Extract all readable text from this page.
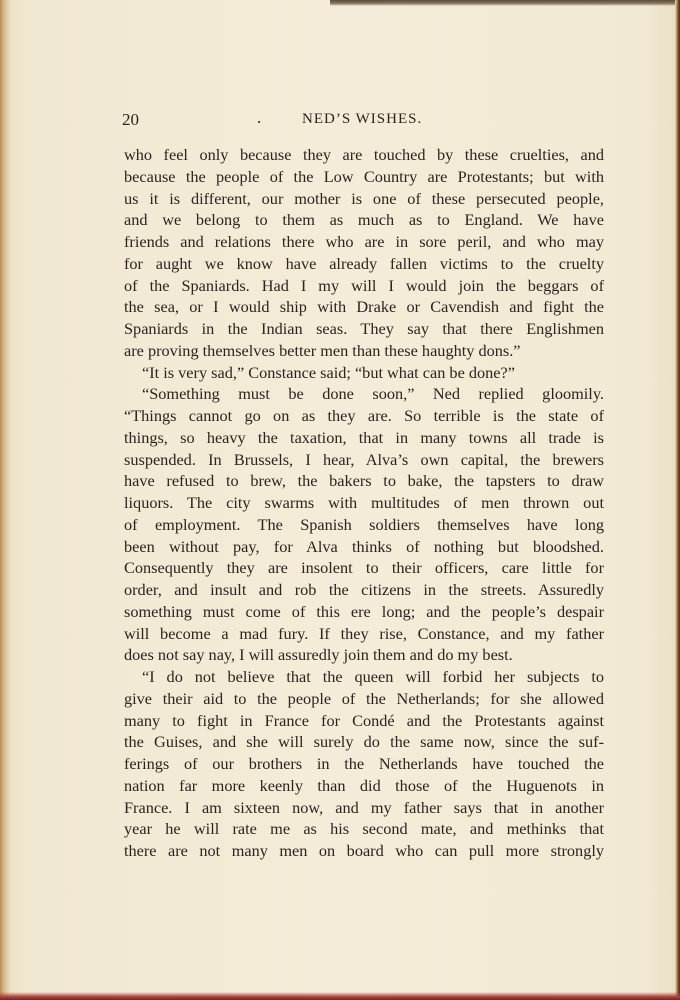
20	.	NED’S WISHES.
who feel only because they are touched by these cruelties, and
because the people of the Low Country are Protestants; but with
us it is different, our mother is one of these persecuted people,
and we belong to them as much as to England. We have
friends and relations there who are in sore peril, and who may
for aught we know have already fallen victims to the cruelty
of the Spaniards. Had I my will I would join the beggars of
the sea, or I would ship with Drake or Cavendish and fight the
Spaniards in the Indian seas. They say that there Englishmen
are proving themselves better men than these haughty dons.”
“It is very sad,” Constance said; “but what can be done?”
“Something must be done soon,” Ned replied gloomily.
“Things cannot go on as they are. So terrible is the state of
things, so heavy the taxation, that in many towns all trade is
suspended. In Brussels, I hear, Alva’s own capital, the brewers
have refused to brew, the bakers to bake, the tapsters to draw
liquors. The city swarms with multitudes of men thrown out
of employment. The Spanish soldiers themselves have long
been without pay, for Alva thinks of nothing but bloodshed.
Consequently they are insolent to their officers, care little for
order, and insult and rob the citizens in the streets. Assuredly
something must come of this ere long; and the people’s despair
will become a mad fury. If they rise, Constance, and my father
does not say nay, I will assuredly join them and do my best.
“I do not believe that the queen will forbid her subjects to
give their aid to the people of the Netherlands; for she allowed
many to fight in France for Condé and the Protestants against
the Guises, and she will surely do the same now, since the suf-
ferings of our brothers in the Netherlands have touched the
nation far more keenly than did those of the Huguenots in
France. I am sixteen now, and my father says that in another
year he will rate me as his second mate, and methinks that
there are not many men on board who can pull more strongly
